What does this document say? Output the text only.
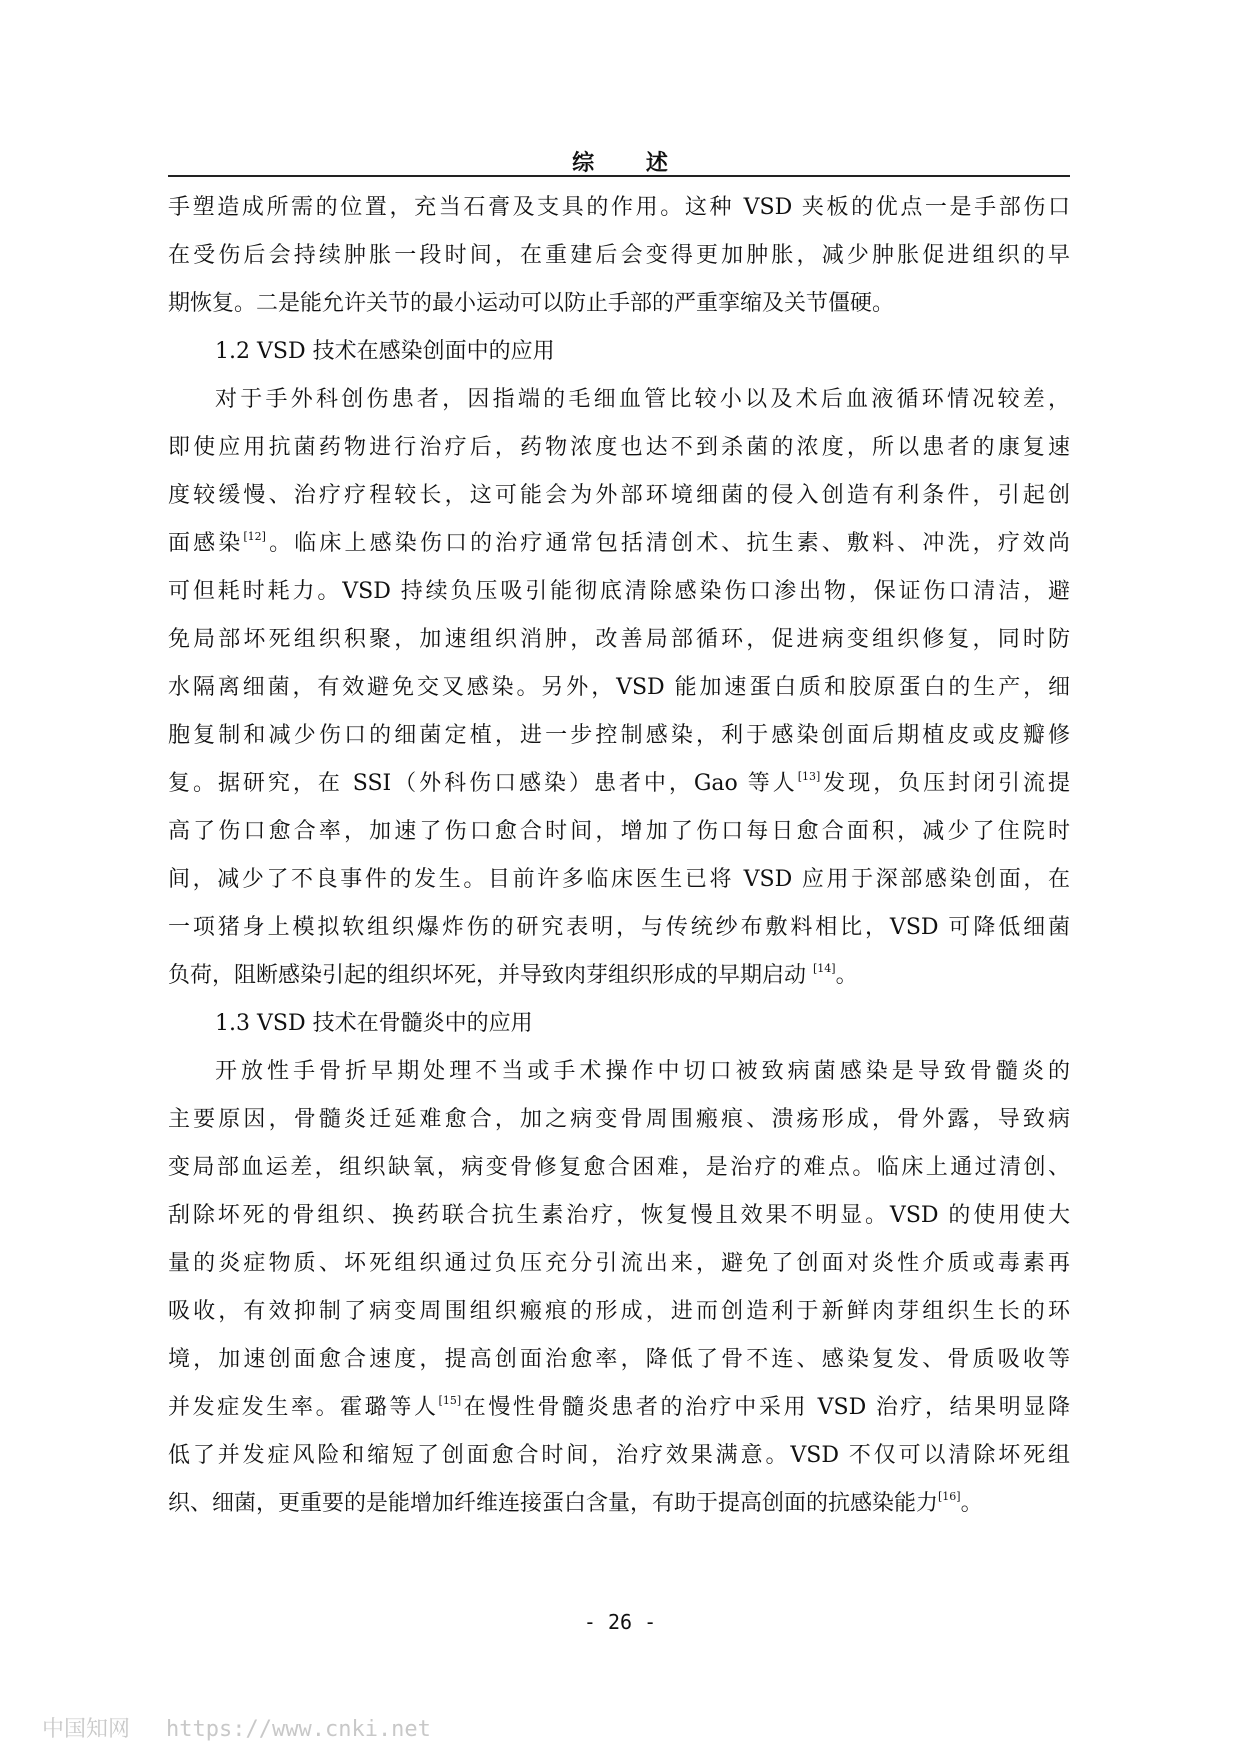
综 述
手塑造成所需的位置，充当石膏及支具的作用。这种 VSD 夹板的优点一是手部伤口
在受伤后会持续肿胀一段时间，在重建后会变得更加肿胀，减少肿胀促进组织的早
期恢复。二是能允许关节的最小运动可以防止手部的严重挛缩及关节僵硬。
1.2 VSD 技术在感染创面中的应用
对于手外科创伤患者，因指端的毛细血管比较小以及术后血液循环情况较差，
即使应用抗菌药物进行治疗后，药物浓度也达不到杀菌的浓度，所以患者的康复速
度较缓慢、治疗疗程较长，这可能会为外部环境细菌的侵入创造有利条件，引起创
面感染[12]。临床上感染伤口的治疗通常包括清创术、抗生素、敷料、冲洗，疗效尚
可但耗时耗力。VSD 持续负压吸引能彻底清除感染伤口渗出物，保证伤口清洁，避
免局部坏死组织积聚，加速组织消肿，改善局部循环，促进病变组织修复，同时防
水隔离细菌，有效避免交叉感染。另外，VSD 能加速蛋白质和胶原蛋白的生产，细
胞复制和减少伤口的细菌定植，进一步控制感染，利于感染创面后期植皮或皮瓣修
复。据研究，在 SSI（外科伤口感染）患者中，Gao 等人[13]发现，负压封闭引流提
高了伤口愈合率，加速了伤口愈合时间，增加了伤口每日愈合面积，减少了住院时
间，减少了不良事件的发生。目前许多临床医生已将 VSD 应用于深部感染创面，在
一项猪身上模拟软组织爆炸伤的研究表明，与传统纱布敷料相比，VSD 可降低细菌
负荷，阻断感染引起的组织坏死，并导致肉芽组织形成的早期启动 [14]。
1.3 VSD 技术在骨髓炎中的应用
开放性手骨折早期处理不当或手术操作中切口被致病菌感染是导致骨髓炎的
主要原因，骨髓炎迁延难愈合，加之病变骨周围瘢痕、溃疡形成，骨外露，导致病
变局部血运差，组织缺氧，病变骨修复愈合困难，是治疗的难点。临床上通过清创、
刮除坏死的骨组织、换药联合抗生素治疗，恢复慢且效果不明显。VSD 的使用使大
量的炎症物质、坏死组织通过负压充分引流出来，避免了创面对炎性介质或毒素再
吸收，有效抑制了病变周围组织瘢痕的形成，进而创造利于新鲜肉芽组织生长的环
境，加速创面愈合速度，提高创面治愈率，降低了骨不连、感染复发、骨质吸收等
并发症发生率。霍璐等人[15]在慢性骨髓炎患者的治疗中采用 VSD 治疗，结果明显降
低了并发症风险和缩短了创面愈合时间，治疗效果满意。VSD 不仅可以清除坏死组
织、细菌，更重要的是能增加纤维连接蛋白含量，有助于提高创面的抗感染能力[16]。
- 26 -
中国知网 https://www.cnki.net
